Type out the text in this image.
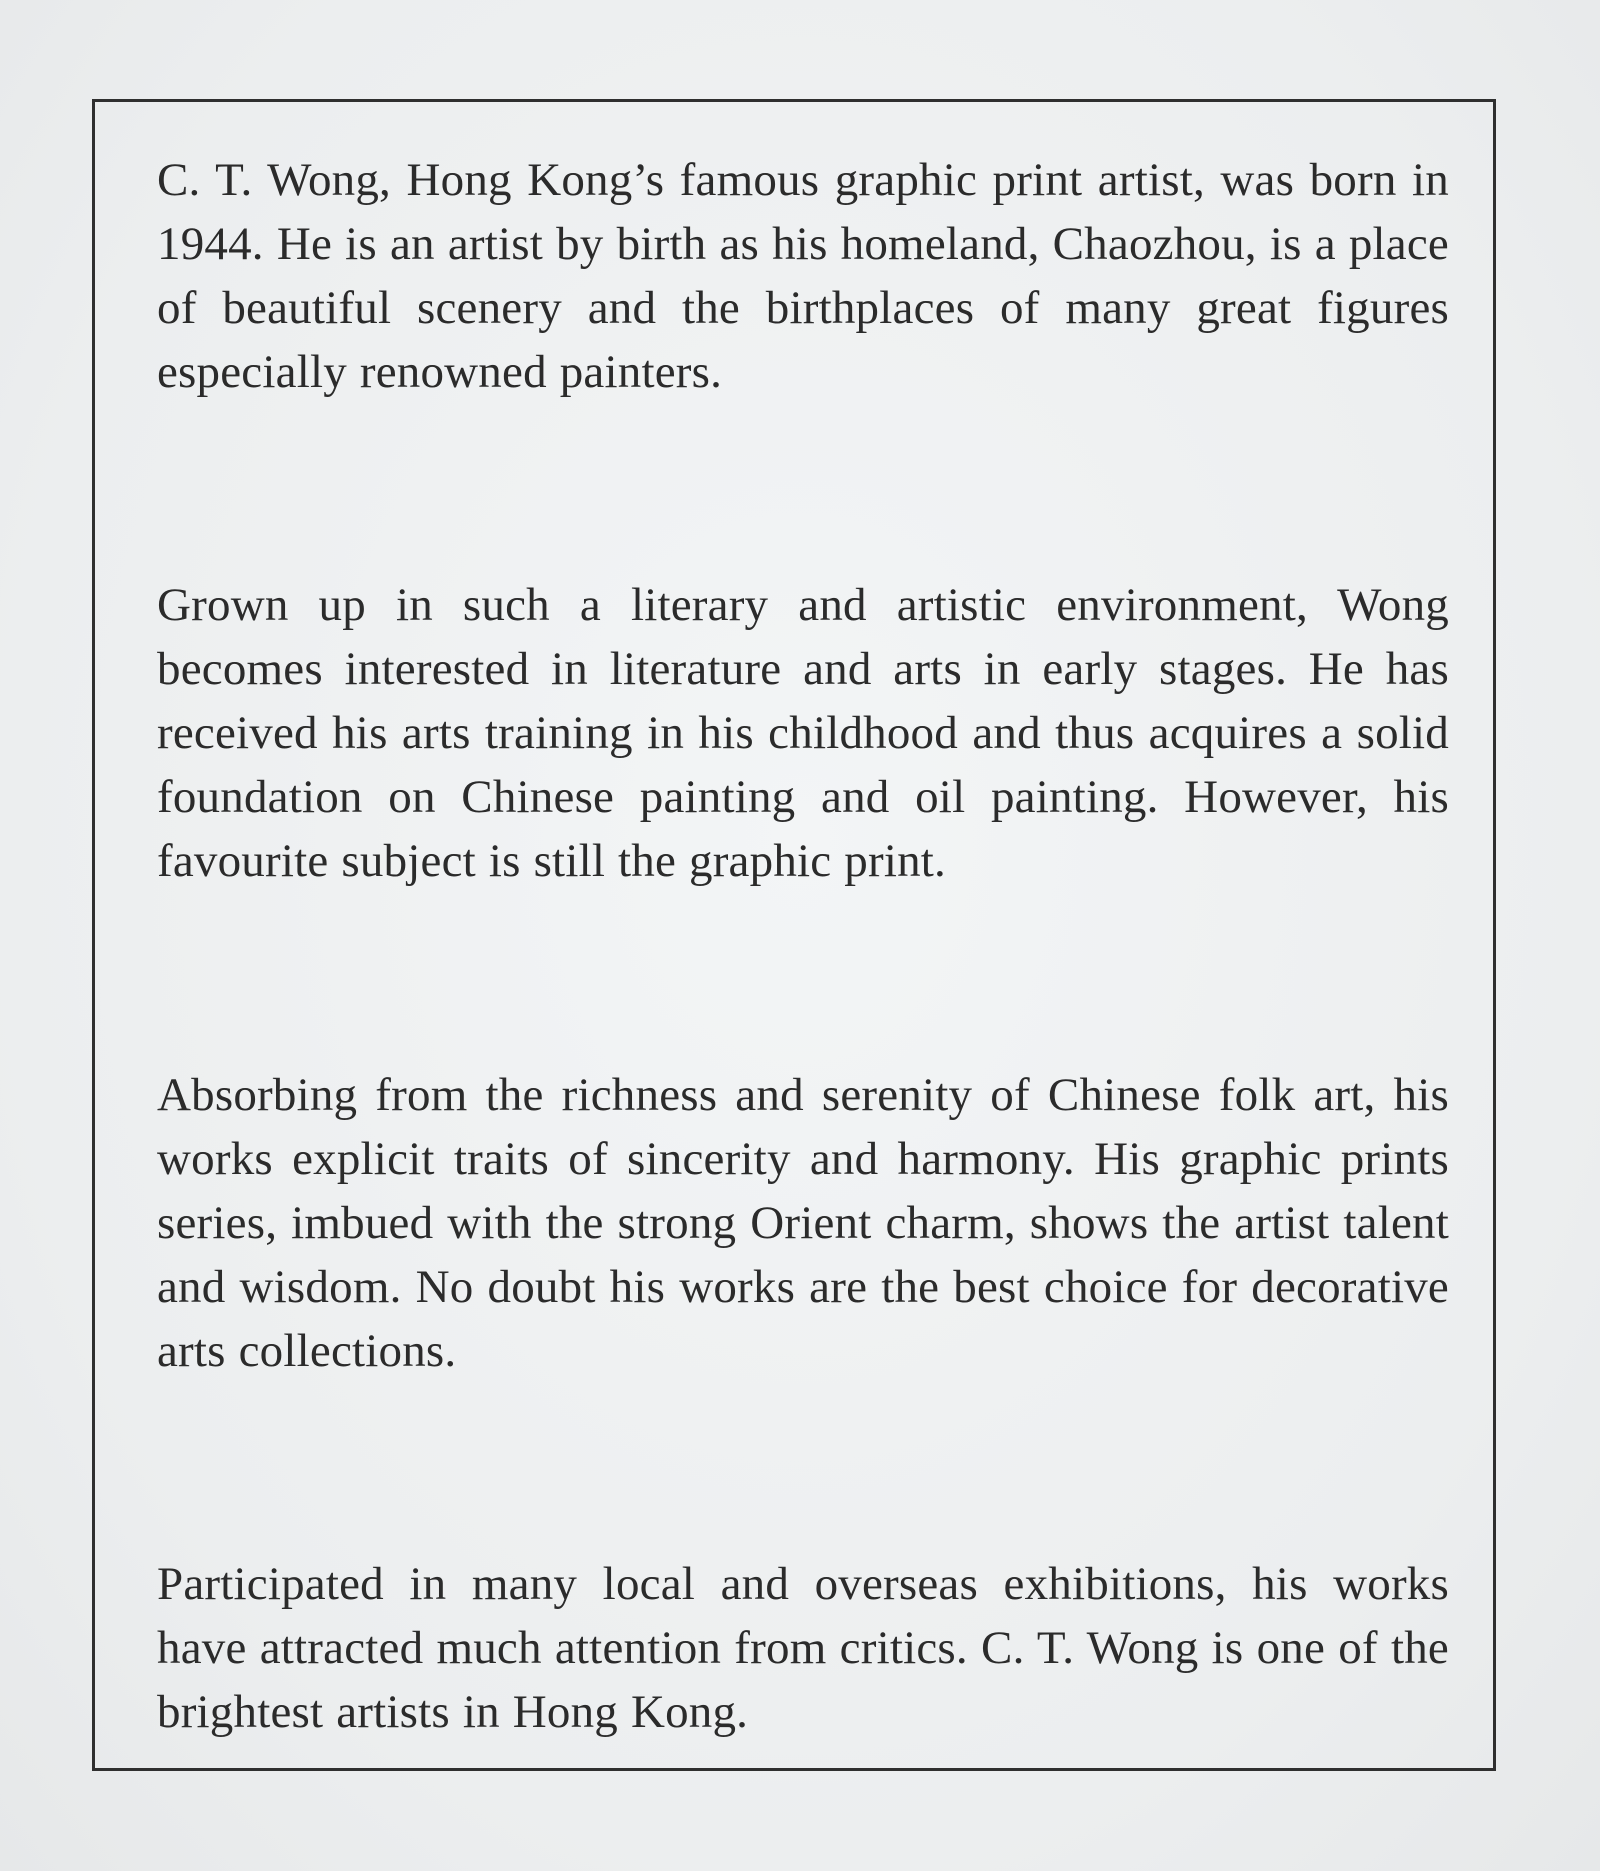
C. T. Wong, Hong Kong’s famous graphic print artist, was born in 1944. He is an artist by birth as his homeland, Chaozhou, is a place of beautiful scenery and the birthplaces of many great figures especially renowned painters.

Grown up in such a literary and artistic environment, Wong becomes interested in literature and arts in early stages. He has received his arts training in his childhood and thus acquires a solid foundation on Chinese painting and oil painting. However, his favourite subject is still the graphic print.

Absorbing from the richness and serenity of Chinese folk art, his works explicit traits of sincerity and harmony. His graphic prints series, imbued with the strong Orient charm, shows the artist talent and wisdom. No doubt his works are the best choice for decorative arts collections.

Participated in many local and overseas exhibitions, his works have attracted much attention from critics. C. T. Wong is one of the brightest artists in Hong Kong.
